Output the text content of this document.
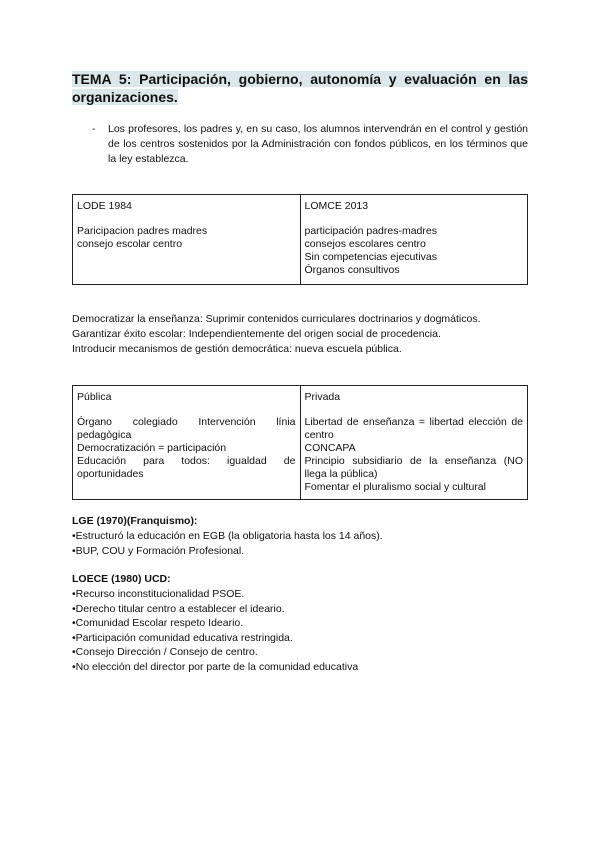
TEMA 5: Participación, gobierno, autonomía y evaluación en las
organizaciones.
- Los profesores, los padres y, en su caso, los alumnos intervendrán en el control y gestión de los centros sostenidos por la Administración con fondos públicos, en los términos que la ley establezca.
LODE 1984
Paricipacion padres madres
consejo escolar centro

LOMCE 2013
participación padres-madres
consejos escolares centro
Sin competencias ejecutivas
Órganos consultivos
Democratizar la enseñanza: Suprimir contenidos curriculares doctrinarios y dogmáticos.
Garantizar éxito escolar: Independientemente del origen social de procedencia.
Introducir mecanismos de gestión democrática: nueva escuela pública.
Pública
Órgano colegiado Intervención línia pedagògica
Democratización = participación
Educación para todos: igualdad de oportunidades

Privada
Libertad de enseñanza = libertad elección de centro
CONCAPA
Principio subsidiario de la enseñanza (NO llega la pública)
Fomentar el pluralismo social y cultural
LGE (1970)(Franquismo):
•Estructuró la educación en EGB (la obligatoria hasta los 14 años).
•BUP, COU y Formación Profesional.
LOECE (1980) UCD:
•Recurso inconstitucionalidad PSOE.
•Derecho titular centro a establecer el ideario.
•Comunidad Escolar respeto Ideario.
•Participación comunidad educativa restringida.
•Consejo Dirección / Consejo de centro.
•No elección del director por parte de la comunidad educativa
